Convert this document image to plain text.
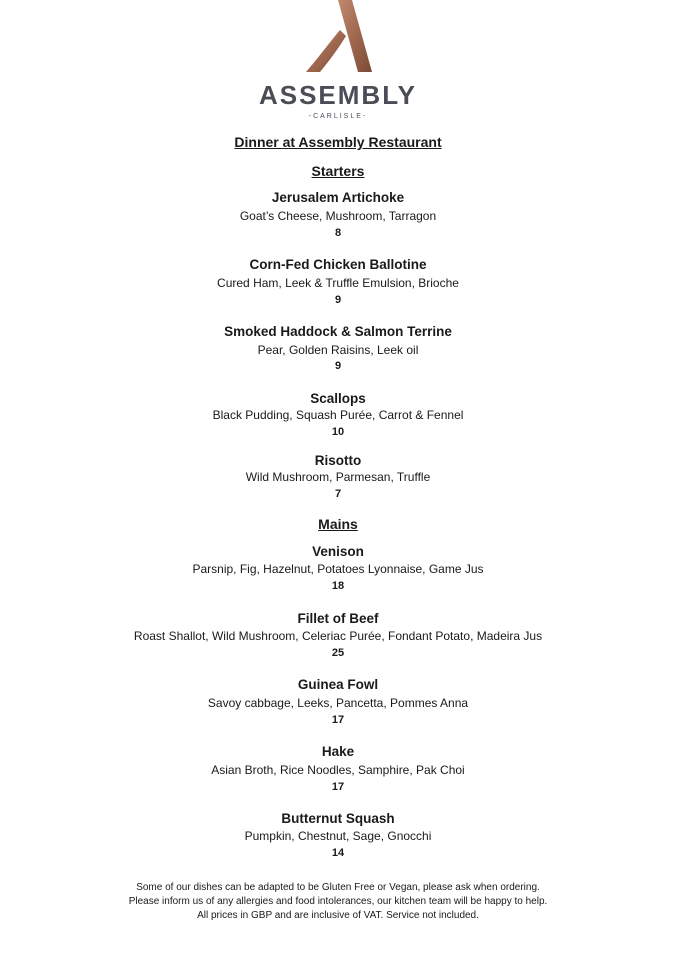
ASSEMBLY
-CARLISLE-
Dinner at Assembly Restaurant
Starters
Jerusalem Artichoke
Goat’s Cheese, Mushroom, Tarragon
8
Corn-Fed Chicken Ballotine
Cured Ham, Leek & Truffle Emulsion, Brioche
9
Smoked Haddock & Salmon Terrine
Pear, Golden Raisins, Leek oil
9
Scallops
Black Pudding, Squash Purée, Carrot & Fennel
10
Risotto
Wild Mushroom, Parmesan, Truffle
7
Mains
Venison
Parsnip, Fig, Hazelnut, Potatoes Lyonnaise, Game Jus
18
Fillet of Beef
Roast Shallot, Wild Mushroom, Celeriac Purée, Fondant Potato, Madeira Jus
25
Guinea Fowl
Savoy cabbage, Leeks, Pancetta, Pommes Anna
17
Hake
Asian Broth, Rice Noodles, Samphire, Pak Choi
17
Butternut Squash
Pumpkin, Chestnut, Sage, Gnocchi
14
Some of our dishes can be adapted to be Gluten Free or Vegan, please ask when ordering.
Please inform us of any allergies and food intolerances, our kitchen team will be happy to help.
All prices in GBP and are inclusive of VAT. Service not included.
